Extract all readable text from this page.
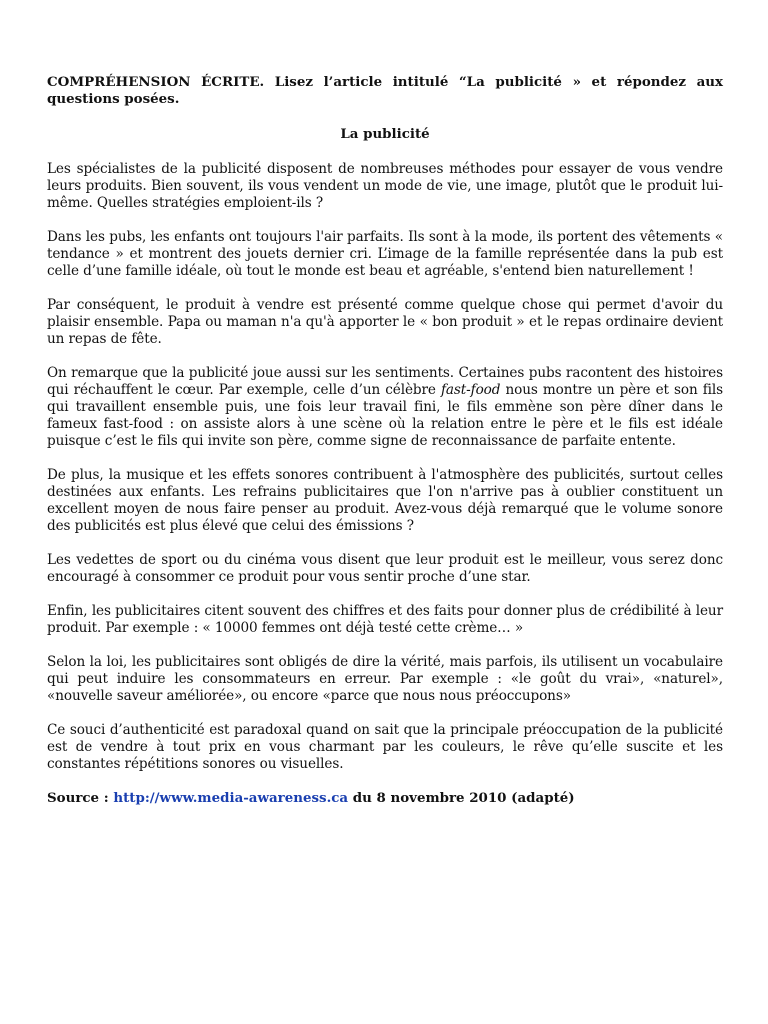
COMPRÉHENSION ÉCRITE. Lisez l’article intitulé “La publicité » et répondez aux questions posées.

La publicité

Les spécialistes de la publicité disposent de nombreuses méthodes pour essayer de vous vendre leurs produits. Bien souvent, ils vous vendent un mode de vie, une image, plutôt que le produit lui-même. Quelles stratégies emploient-ils ?

Dans les pubs, les enfants ont toujours l'air parfaits. Ils sont à la mode, ils portent des vêtements « tendance » et montrent des jouets dernier cri. L’image de la famille représentée dans la pub est celle d’une famille idéale, où tout le monde est beau et agréable, s'entend bien naturellement !

Par conséquent, le produit à vendre est présenté comme quelque chose qui permet d'avoir du plaisir ensemble. Papa ou maman n'a qu'à apporter le « bon produit » et le repas ordinaire devient un repas de fête.

On remarque que la publicité joue aussi sur les sentiments. Certaines pubs racontent des histoires qui réchauffent le cœur. Par exemple, celle d’un célèbre fast-food nous montre un père et son fils qui travaillent ensemble puis, une fois leur travail fini, le fils emmène son père dîner dans le fameux fast-food : on assiste alors à une scène où la relation entre le père et le fils est idéale puisque c’est le fils qui invite son père, comme signe de reconnaissance de parfaite entente.

De plus, la musique et les effets sonores contribuent à l'atmosphère des publicités, surtout celles destinées aux enfants. Les refrains publicitaires que l'on n'arrive pas à oublier constituent un excellent moyen de nous faire penser au produit. Avez-vous déjà remarqué que le volume sonore des publicités est plus élevé que celui des émissions ?

Les vedettes de sport ou du cinéma vous disent que leur produit est le meilleur, vous serez donc encouragé à consommer ce produit pour vous sentir proche d’une star.

Enfin, les publicitaires citent souvent des chiffres et des faits pour donner plus de crédibilité à leur produit. Par exemple : « 10000 femmes ont déjà testé cette crème… »

Selon la loi, les publicitaires sont obligés de dire la vérité, mais parfois, ils utilisent un vocabulaire qui peut induire les consommateurs en erreur. Par exemple : «le goût du vrai», «naturel», «nouvelle saveur améliorée», ou encore «parce que nous nous préoccupons»

Ce souci d’authenticité est paradoxal quand on sait que la principale préoccupation de la publicité est de vendre à tout prix en vous charmant par les couleurs, le rêve qu’elle suscite et les constantes répétitions sonores ou visuelles.

Source : http://www.media-awareness.ca du 8 novembre 2010 (adapté)
